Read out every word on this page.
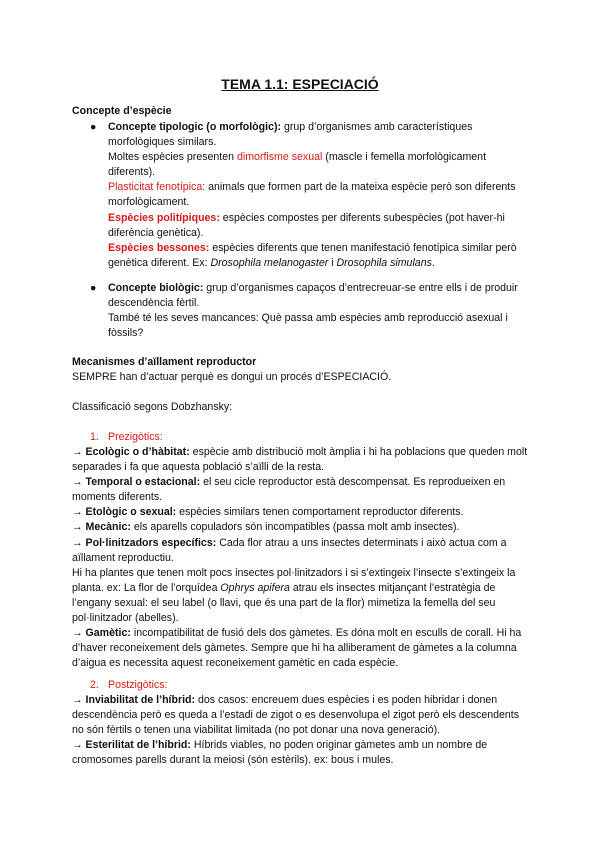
TEMA 1.1: ESPECIACIÓ
Concepte d’espècie
●	Concepte tipologic (o morfològic): grup d’organismes amb característiques morfològiques similars.

Moltes espècies presenten dimorfisme sexual (mascle i femella morfològicament diferents).

Plasticitat fenotípica: animals que formen part de la mateixa espècie però son diferents morfològicament.

Espècies politípiques: espècies compostes per diferents subespècies (pot haver-hi diferència genètica).

Espècies bessones: espècies diferents que tenen manifestació fenotípica similar però genètica diferent. Ex: Drosophila melanogaster i Drosophila simulans.

●	Concepte biològic: grup d’organismes capaços d’entrecreuar-se entre ells i de produir descendència fèrtil.

També té les seves mancances: Què passa amb espècies amb reproducció asexual i fòssils?

Mecanismes d’aïllament reproductor

SEMPRE han d’actuar perquè es dongui un procés d’ESPECIACIÓ.

Classificació segons Dobzhansky:
1. Prezigòtics:

→ Ecològic o d’hàbitat: espècie amb distribució molt àmplia i hi ha poblacions que queden molt separades i fa que aquesta població s’aïlli de la resta.

→ Temporal o estacional: el seu cicle reproductor està descompensat. Es reprodueixen en moments diferents.

→ Etològic o sexual: espècies similars tenen comportament reproductor diferents.

→ Mecànic: els aparells copuladors són incompatibles (passa molt amb insectes).

→ Pol·linitzadors específics: Cada flor atrau a uns insectes determinats i això actua com a aïllament reproductiu.

Hi ha plantes que tenen molt pocs insectes pol·linitzadors i si s’extingeix l’insecte s’extingeix la planta. ex: La flor de l’orquídea Ophrys apifera atrau els insectes mitjançant l’estratègia de l’engany sexual: el seu label (o llavi, que és una part de la flor) mimetiza la femella del seu pol·linitzador (abelles).

→ Gamètic: incompatibilitat de fusió dels dos gàmetes. Es dóna molt en esculls de corall. Hi ha d’haver reconeixement dels gàmetes. Sempre que hi ha alliberament de gàmetes a la columna d’aigua es necessita aquest reconeixement gamètic en cada espècie.

2. Postzigòtics:

→ Inviabilitat de l’híbrid: dos casos: encreuem dues espècies i es poden hibridar i donen descendència però es queda a l’estadi de zigot o es desenvolupa el zigot però els descendents no són fèrtils o tenen una viabilitat limitada (no pot donar una nova generació).

→ Esterilitat de l’híbrid: Híbrids viables, no poden originar gàmetes amb un nombre de cromosomes parells durant la meiosi (són estèrils). ex: bous i mules.
